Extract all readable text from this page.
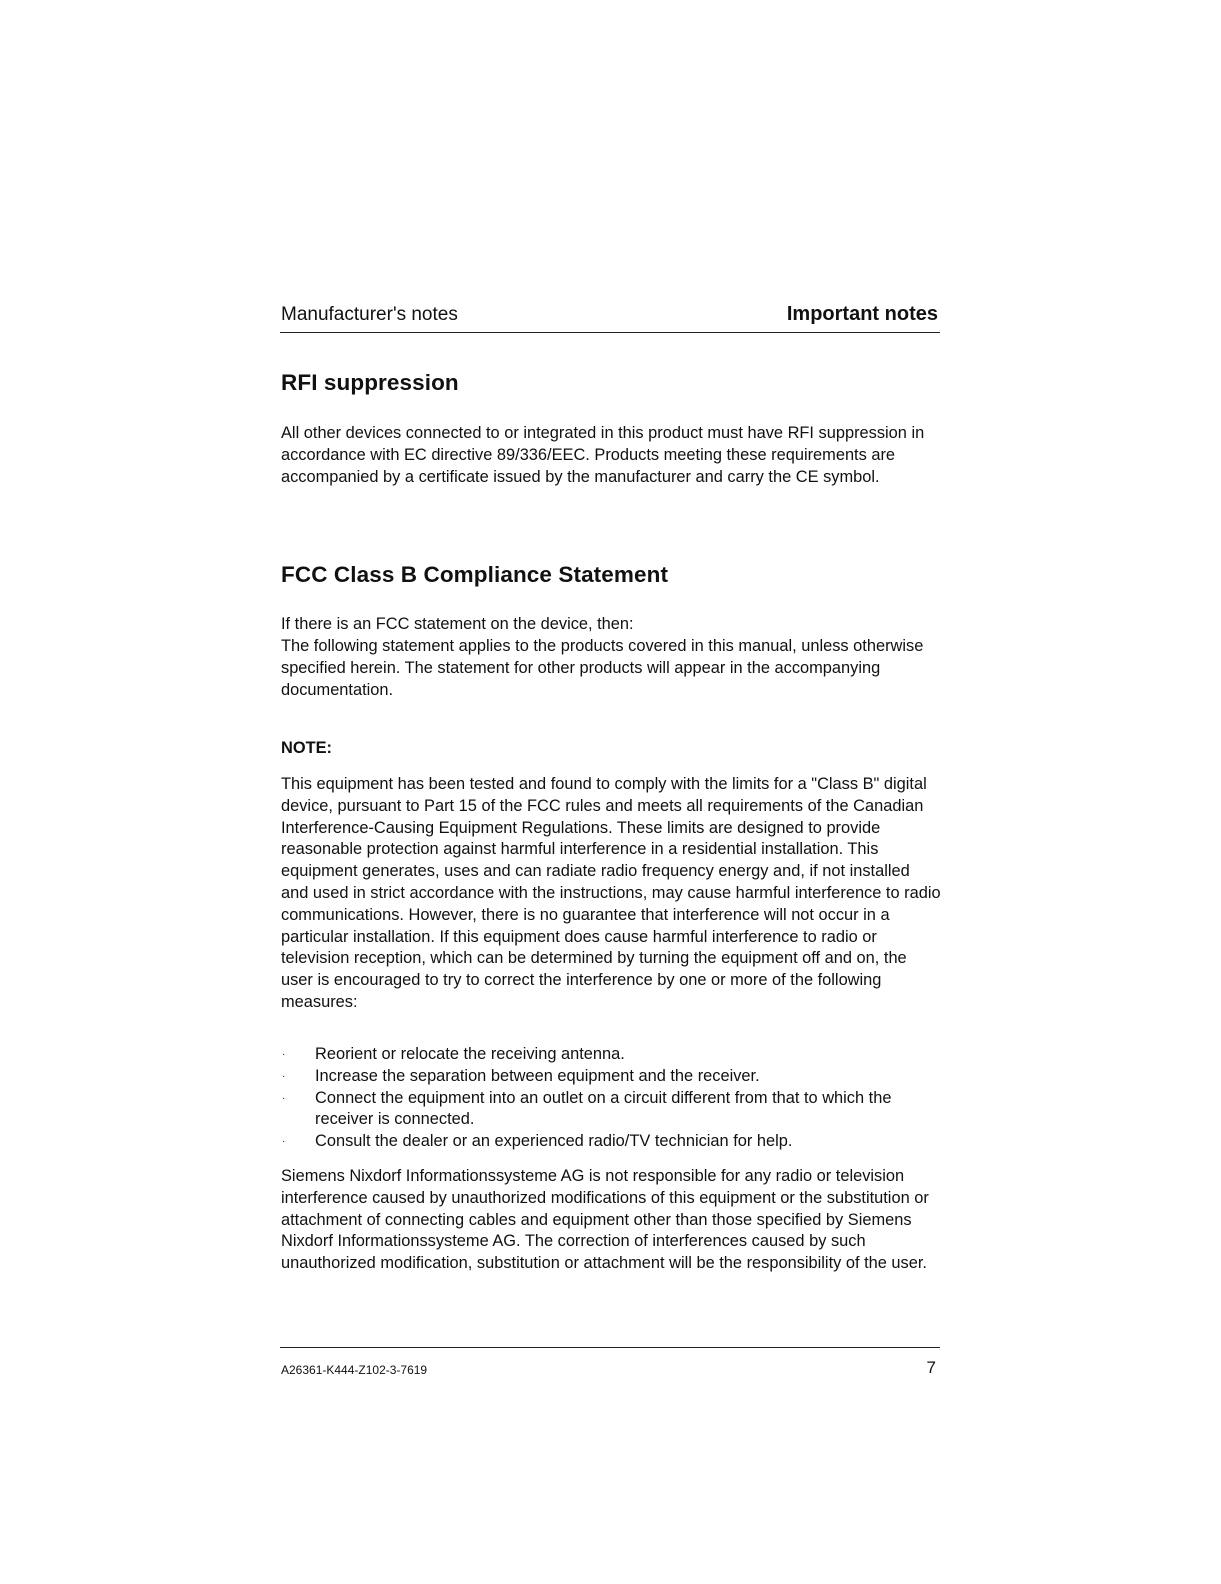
Manufacturer's notes	Important notes
RFI suppression

All other devices connected to or integrated in this product must have RFI suppression in accordance with EC directive 89/336/EEC. Products meeting these requirements are accompanied by a certificate issued by the manufacturer and carry the CE symbol.

FCC Class B Compliance Statement

If there is an FCC statement on the device, then:

The following statement applies to the products covered in this manual, unless otherwise specified herein. The statement for other products will appear in the accompanying documentation.

NOTE:

This equipment has been tested and found to comply with the limits for a "Class B" digital device, pursuant to Part 15 of the FCC rules and meets all requirements of the Canadian Interference-Causing Equipment Regulations. These limits are designed to provide reasonable protection against harmful interference in a residential installation. This equipment generates, uses and can radiate radio frequency energy and, if not installed and used in strict accordance with the instructions, may cause harmful interference to radio communications. However, there is no guarantee that interference will not occur in a particular installation. If this equipment does cause harmful interference to radio or television reception, which can be determined by turning the equipment off and on, the user is encouraged to try to correct the interference by one or more of the following measures:

· Reorient or relocate the receiving antenna.
· Increase the separation between equipment and the receiver.
· Connect the equipment into an outlet on a circuit different from that to which the receiver is connected.
· Consult the dealer or an experienced radio/TV technician for help.

Siemens Nixdorf Informationssysteme AG is not responsible for any radio or television interference caused by unauthorized modifications of this equipment or the substitution or attachment of connecting cables and equipment other than those specified by Siemens Nixdorf Informationssysteme AG. The correction of interferences caused by such unauthorized modification, substitution or attachment will be the responsibility of the user.

A26361-K444-Z102-3-7619	7
